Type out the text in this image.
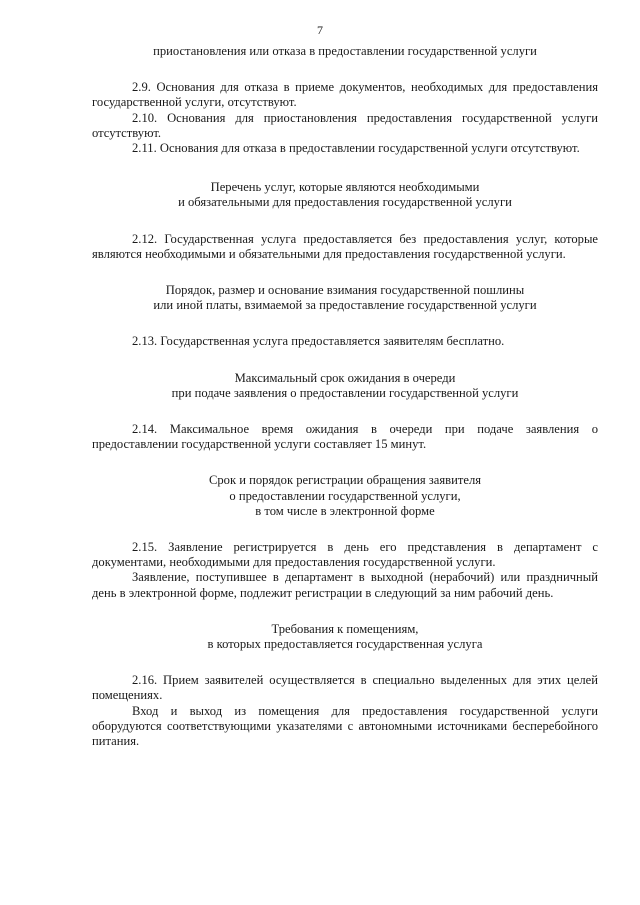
7

приостановления или отказа в предоставлении государственной услуги

2.9. Основания для отказа в приеме документов, необходимых для предоставления государственной услуги, отсутствуют.

2.10. Основания для приостановления предоставления государственной услуги отсутствуют.

2.11. Основания для отказа в предоставлении государственной услуги отсутствуют.

Перечень услуг, которые являются необходимыми
и обязательными для предоставления государственной услуги

2.12. Государственная услуга предоставляется без предоставления услуг, которые являются необходимыми и обязательными для предоставления государственной услуги.

Порядок, размер и основание взимания государственной пошлины
или иной платы, взимаемой за предоставление государственной услуги

2.13. Государственная услуга предоставляется заявителям бесплатно.

Максимальный срок ожидания в очереди
при подаче заявления о предоставлении государственной услуги

2.14. Максимальное время ожидания в очереди при подаче заявления о предоставлении государственной услуги составляет 15 минут.

Срок и порядок регистрации обращения заявителя
о предоставлении государственной услуги,
в том числе в электронной форме

2.15. Заявление регистрируется в день его представления в департамент с документами, необходимыми для предоставления государственной услуги.

Заявление, поступившее в департамент в выходной (нерабочий) или праздничный день в электронной форме, подлежит регистрации в следующий за ним рабочий день.

Требования к помещениям,
в которых предоставляется государственная услуга

2.16. Прием заявителей осуществляется в специально выделенных для этих целей помещениях.

Вход и выход из помещения для предоставления государственной услуги оборудуются соответствующими указателями с автономными источниками бесперебойного питания.
